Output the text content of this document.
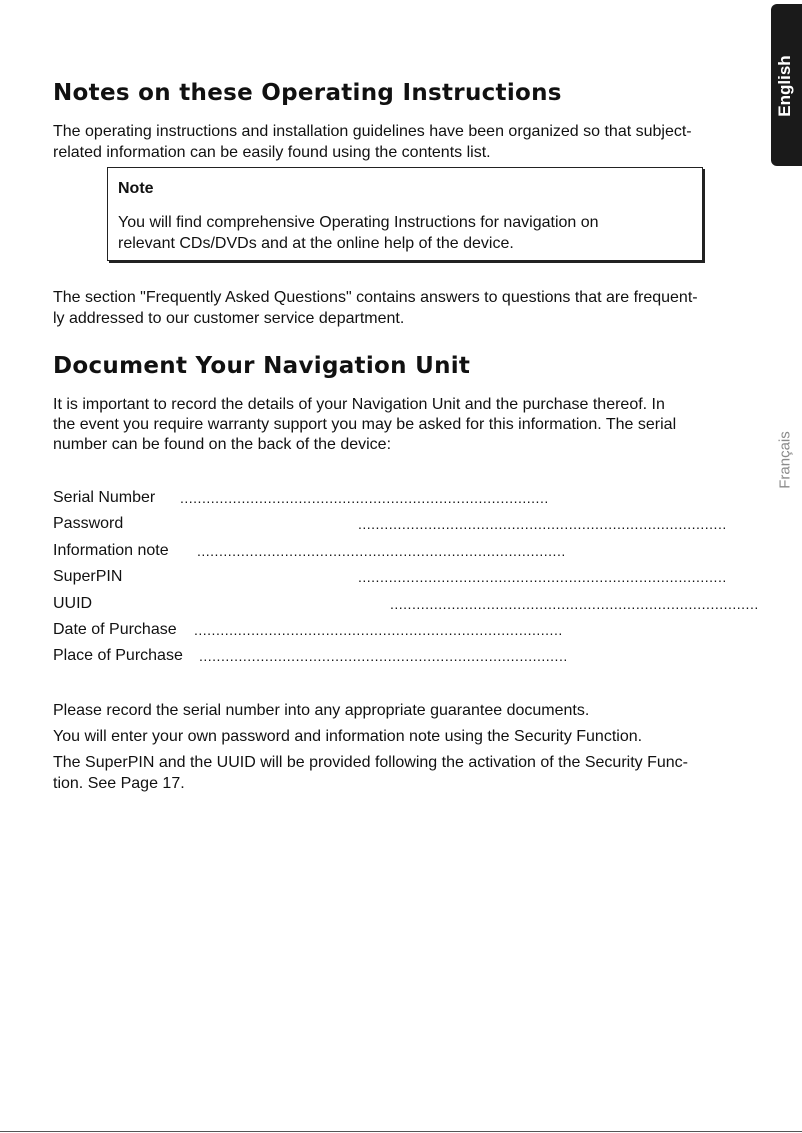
English
Français
Notes on these Operating Instructions

The operating instructions and installation guidelines have been organized so that subject-

related information can be easily found using the contents list.

Note
You will find comprehensive Operating Instructions for navigation on
relevant CDs/DVDs and at the online help of the device.

The section "Frequently Asked Questions" contains answers to questions that are frequent-

ly addressed to our customer service department.

Document Your Navigation Unit

It is important to record the details of your Navigation Unit and the purchase thereof. In

the event you require warranty support you may be asked for this information. The serial

number can be found on the back of the device:

Serial Number ....................................................................................
Password	....................................................................................
Information note ....................................................................................
SuperPIN	....................................................................................
UUID	....................................................................................
Date of Purchase ....................................................................................
Place of Purchase ....................................................................................

Please record the serial number into any appropriate guarantee documents.

You will enter your own password and information note using the Security Function.

The SuperPIN and the UUID will be provided following the activation of the Security Func-

tion. See Page 17.
